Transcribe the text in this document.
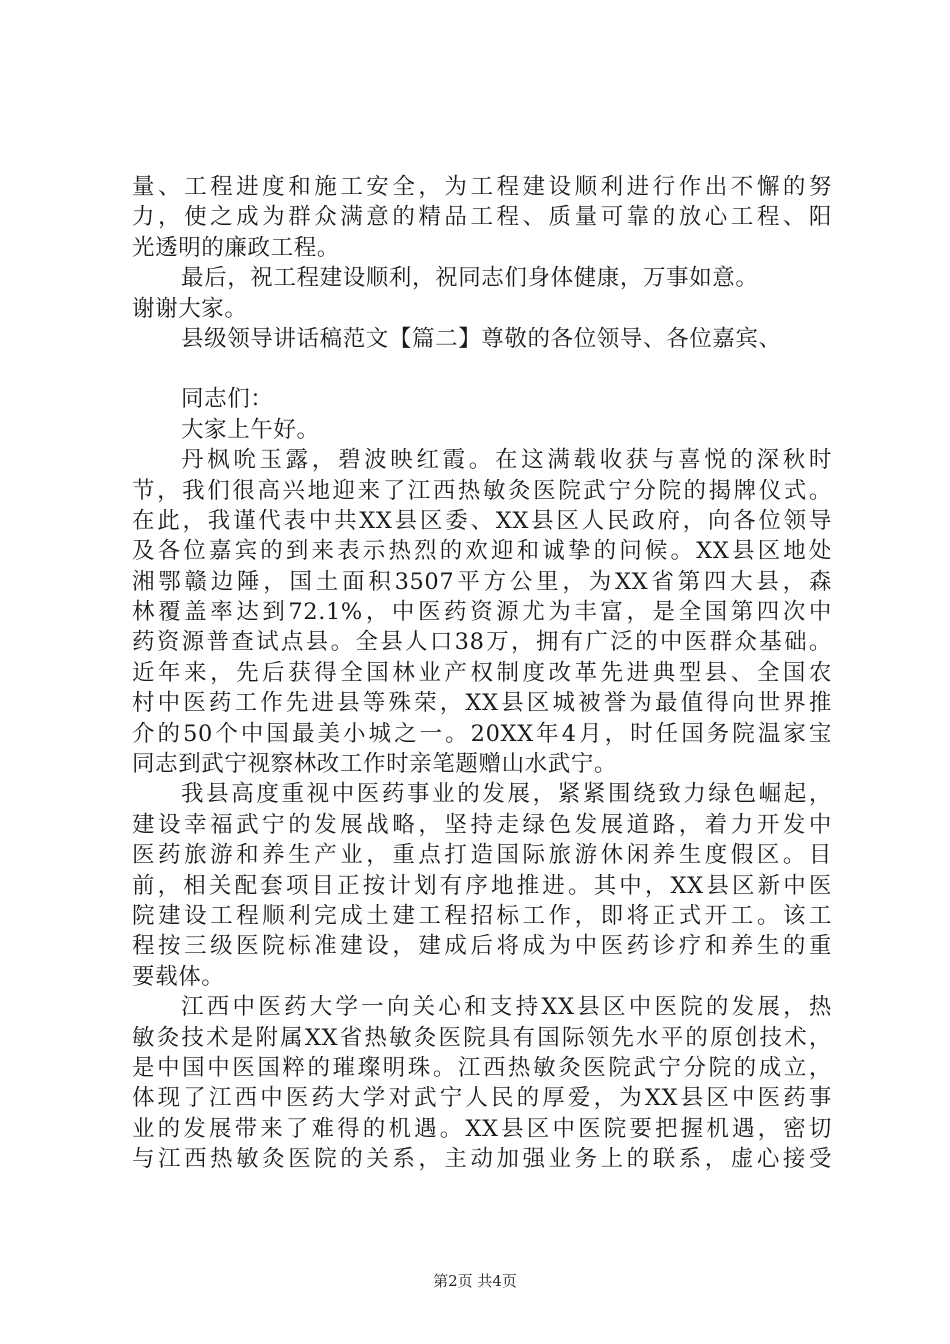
量、工程进度和施工安全，为工程建设顺利进行作出不懈的努
力，使之成为群众满意的精品工程、质量可靠的放心工程、阳
光透明的廉政工程。
最后，祝工程建设顺利，祝同志们身体健康，万事如意。
谢谢大家。
县级领导讲话稿范文【篇二】尊敬的各位领导、各位嘉宾、
同志们：
大家上午好。
丹枫吮玉露，碧波映红霞。在这满载收获与喜悦的深秋时
节，我们很高兴地迎来了江西热敏灸医院武宁分院的揭牌仪式。
在此，我谨代表中共XX县区委、XX县区人民政府，向各位领导
及各位嘉宾的到来表示热烈的欢迎和诚挚的问候。XX县区地处
湘鄂赣边陲，国土面积3507平方公里，为XX省第四大县，森
林覆盖率达到72.1%，中医药资源尤为丰富，是全国第四次中
药资源普查试点县。全县人口38万，拥有广泛的中医群众基础。
近年来，先后获得全国林业产权制度改革先进典型县、全国农
村中医药工作先进县等殊荣，XX县区城被誉为最值得向世界推
介的50个中国最美小城之一。20XX年4月，时任国务院温家宝
同志到武宁视察林改工作时亲笔题赠山水武宁。
我县高度重视中医药事业的发展，紧紧围绕致力绿色崛起，
建设幸福武宁的发展战略，坚持走绿色发展道路，着力开发中
医药旅游和养生产业，重点打造国际旅游休闲养生度假区。目
前，相关配套项目正按计划有序地推进。其中，XX县区新中医
院建设工程顺利完成土建工程招标工作，即将正式开工。该工
程按三级医院标准建设，建成后将成为中医药诊疗和养生的重
要载体。
江西中医药大学一向关心和支持XX县区中医院的发展，热
敏灸技术是附属XX省热敏灸医院具有国际领先水平的原创技术，
是中国中医国粹的璀璨明珠。江西热敏灸医院武宁分院的成立，
体现了江西中医药大学对武宁人民的厚爱，为XX县区中医药事
业的发展带来了难得的机遇。XX县区中医院要把握机遇，密切
与江西热敏灸医院的关系，主动加强业务上的联系，虚心接受
第2页 共4页
